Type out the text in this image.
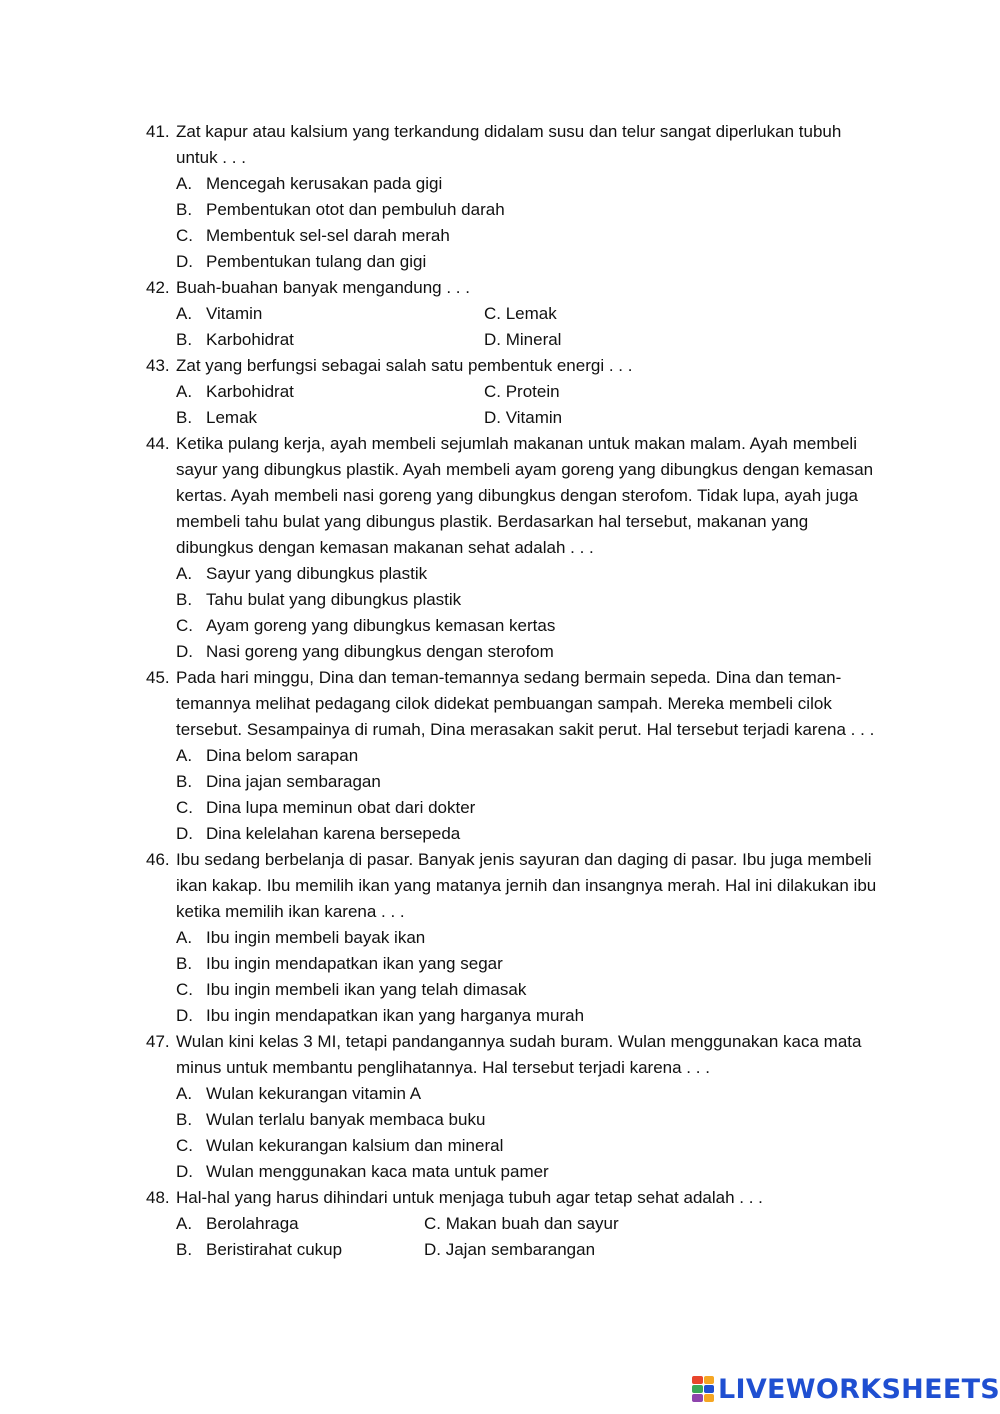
41. Zat kapur atau kalsium yang terkandung didalam susu dan telur sangat diperlukan tubuh untuk . . .
A. Mencegah kerusakan pada gigi
B. Pembentukan otot dan pembuluh darah
C. Membentuk sel-sel darah merah
D. Pembentukan tulang dan gigi
42. Buah-buahan banyak mengandung . . .
A. Vitamin	C. Lemak
B. Karbohidrat	D. Mineral
43. Zat yang berfungsi sebagai salah satu pembentuk energi . . .
A. Karbohidrat	C. Protein
B. Lemak	D. Vitamin
44. Ketika pulang kerja, ayah membeli sejumlah makanan untuk makan malam. Ayah membeli sayur yang dibungkus plastik. Ayah membeli ayam goreng yang dibungkus dengan kemasan kertas. Ayah membeli nasi goreng yang dibungkus dengan sterofom. Tidak lupa, ayah juga membeli tahu bulat yang dibungus plastik. Berdasarkan hal tersebut, makanan yang dibungkus dengan kemasan makanan sehat adalah . . .
A. Sayur yang dibungkus plastik
B. Tahu bulat yang dibungkus plastik
C. Ayam goreng yang dibungkus kemasan kertas
D. Nasi goreng yang dibungkus dengan sterofom
45. Pada hari minggu, Dina dan teman-temannya sedang bermain sepeda. Dina dan teman-temannya melihat pedagang cilok didekat pembuangan sampah. Mereka membeli cilok tersebut. Sesampainya di rumah, Dina merasakan sakit perut. Hal tersebut terjadi karena . . .
A. Dina belom sarapan
B. Dina jajan sembaragan
C. Dina lupa meminun obat dari dokter
D. Dina kelelahan karena bersepeda
46. Ibu sedang berbelanja di pasar. Banyak jenis sayuran dan daging di pasar. Ibu juga membeli ikan kakap. Ibu memilih ikan yang matanya jernih dan insangnya merah. Hal ini dilakukan ibu ketika memilih ikan karena . . .
A. Ibu ingin membeli bayak ikan
B. Ibu ingin mendapatkan ikan yang segar
C. Ibu ingin membeli ikan yang telah dimasak
D. Ibu ingin mendapatkan ikan yang harganya murah
47. Wulan kini kelas 3 MI, tetapi pandangannya sudah buram. Wulan menggunakan kaca mata minus untuk membantu penglihatannya. Hal tersebut terjadi karena . . .
A. Wulan kekurangan vitamin A
B. Wulan terlalu banyak membaca buku
C. Wulan kekurangan kalsium dan mineral
D. Wulan menggunakan kaca mata untuk pamer
48. Hal-hal yang harus dihindari untuk menjaga tubuh agar tetap sehat adalah . . .
A. Berolahraga	C. Makan buah dan sayur
B. Beristirahat cukup	D. Jajan sembarangan
LIVEWORKSHEETS
